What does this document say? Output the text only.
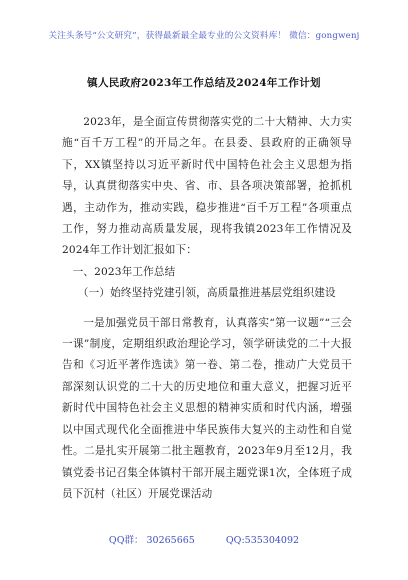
关注头条号“公文研究”，获得最新最全最专业的公文资料库！ 微信：gongwenj
镇人民政府2023年工作总结及2024年工作计划

2023年，是全面宣传贯彻落实党的二十大精神、大力实施“百千万工程”的开局之年。在县委、县政府的正确领导下，XX镇坚持以习近平新时代中国特色社会主义思想为指导，认真贯彻落实中央、省、市、县各项决策部署，抢抓机遇，主动作为，推动实践，稳步推进“百千万工程”各项重点工作，努力推动高质量发展，现将我镇2023年工作情况及2024年工作计划汇报如下：

一、2023年工作总结

（一）始终坚持党建引领，高质量推进基层党组织建设

一是加强党员干部日常教育，认真落实“第一议题”“三会一课”制度，定期组织政治理论学习，领学研读党的二十大报告和《习近平著作选读》第一卷、第二卷，推动广大党员干部深刻认识党的二十大的历史地位和重大意义，把握习近平新时代中国特色社会主义思想的精神实质和时代内涵，增强以中国式现代化全面推进中华民族伟大复兴的主动性和自觉性。二是扎实开展第二批主题教育，2023年9月至12月，我镇党委书记召集全体镇村干部开展主题党课1次，全体班子成员下沉村（社区）开展党课活动

QQ群： 30265665	QQ:535304092
